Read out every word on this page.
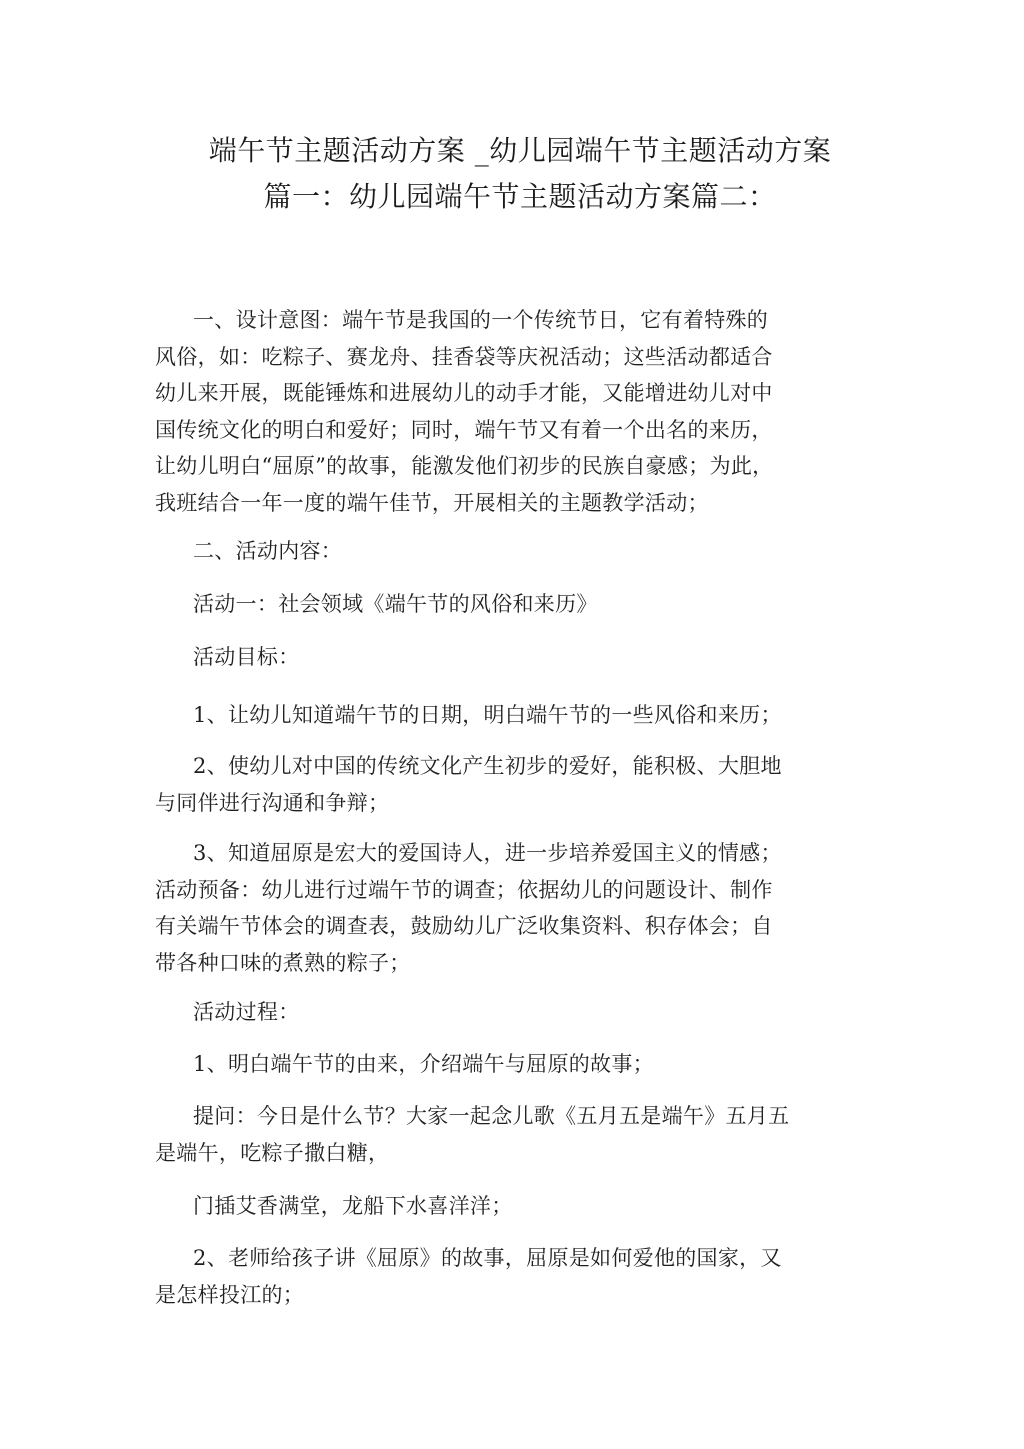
端午节主题活动方案 _幼儿园端午节主题活动方案
篇一：幼儿园端午节主题活动方案篇二：
一、设计意图：端午节是我国的一个传统节日，它有着特殊的
风俗，如：吃粽子、赛龙舟、挂香袋等庆祝活动；这些活动都适合
幼儿来开展，既能锤炼和进展幼儿的动手才能，又能增进幼儿对中
国传统文化的明白和爱好；同时，端午节又有着一个出名的来历，
让幼儿明白“屈原”的故事，能激发他们初步的民族自豪感；为此，
我班结合一年一度的端午佳节，开展相关的主题教学活动；
二、活动内容：
活动一：社会领域《端午节的风俗和来历》
活动目标：
1、让幼儿知道端午节的日期，明白端午节的一些风俗和来历；
2、使幼儿对中国的传统文化产生初步的爱好，能积极、大胆地
与同伴进行沟通和争辩；
3、知道屈原是宏大的爱国诗人，进一步培养爱国主义的情感；
活动预备：幼儿进行过端午节的调查；依据幼儿的问题设计、制作
有关端午节体会的调查表，鼓励幼儿广泛收集资料、积存体会；自
带各种口味的煮熟的粽子；
活动过程：
1、明白端午节的由来，介绍端午与屈原的故事；
提问：今日是什么节？大家一起念儿歌《五月五是端午》五月五
是端午，吃粽子撒白糖，
门插艾香满堂，龙船下水喜洋洋；
2、老师给孩子讲《屈原》的故事，屈原是如何爱他的国家，又
是怎样投江的；
